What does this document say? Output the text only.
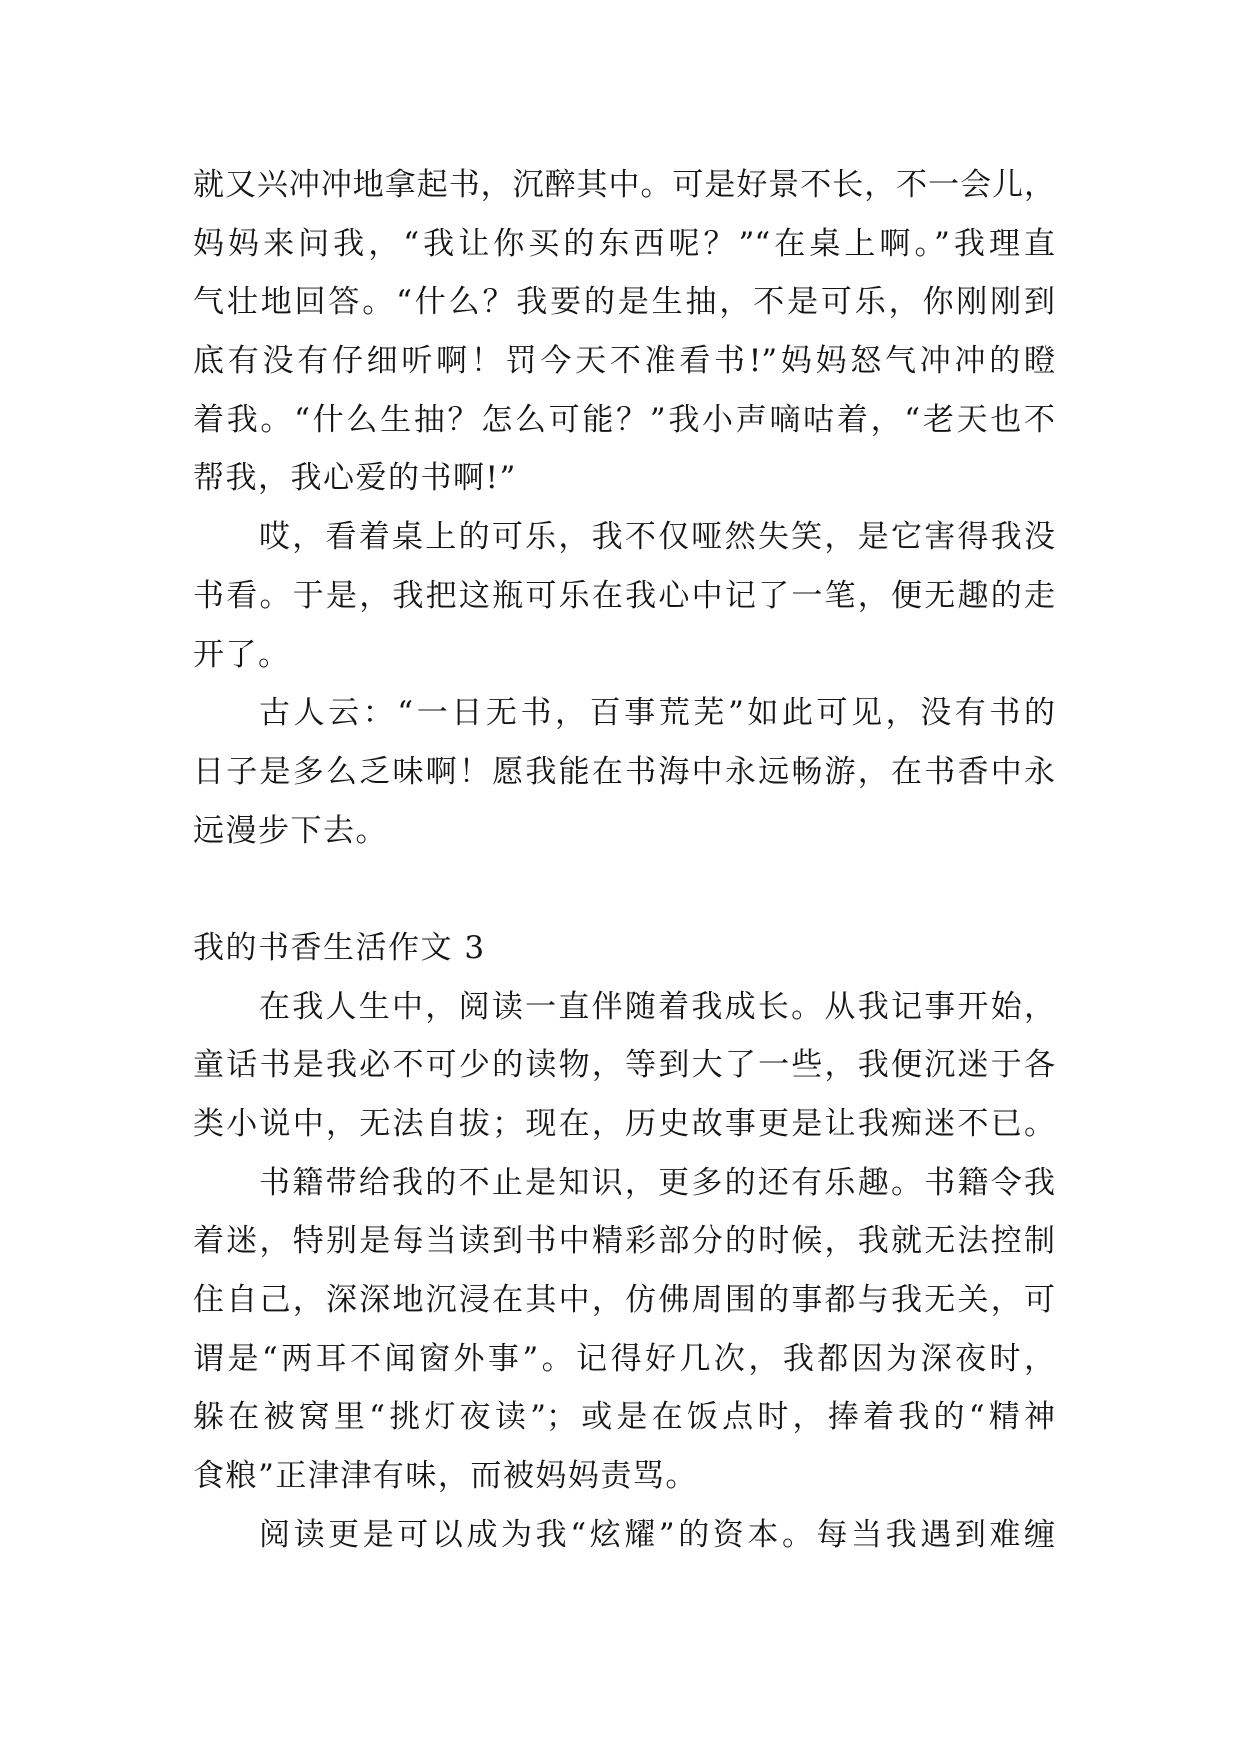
就又兴冲冲地拿起书，沉醉其中。可是好景不长，不一会儿，
妈妈来问我，“我让你买的东西呢？”“在桌上啊。”我理直
气壮地回答。“什么？我要的是生抽，不是可乐，你刚刚到
底有没有仔细听啊！罚今天不准看书!”妈妈怒气冲冲的瞪
着我。“什么生抽？怎么可能？”我小声嘀咕着，“老天也不
帮我，我心爱的书啊!”
哎，看着桌上的可乐，我不仅哑然失笑，是它害得我没
书看。于是，我把这瓶可乐在我心中记了一笔，便无趣的走
开了。
古人云：“一日无书，百事荒芜”如此可见，没有书的
日子是多么乏味啊！愿我能在书海中永远畅游，在书香中永
远漫步下去。
我的书香生活作文 3
在我人生中，阅读一直伴随着我成长。从我记事开始，
童话书是我必不可少的读物，等到大了一些，我便沉迷于各
类小说中，无法自拔；现在，历史故事更是让我痴迷不已。
书籍带给我的不止是知识，更多的还有乐趣。书籍令我
着迷，特别是每当读到书中精彩部分的时候，我就无法控制
住自己，深深地沉浸在其中，仿佛周围的事都与我无关，可
谓是“两耳不闻窗外事”。记得好几次，我都因为深夜时，
躲在被窝里“挑灯夜读”；或是在饭点时，捧着我的“精神
食粮”正津津有味，而被妈妈责骂。
阅读更是可以成为我“炫耀”的资本。每当我遇到难缠
